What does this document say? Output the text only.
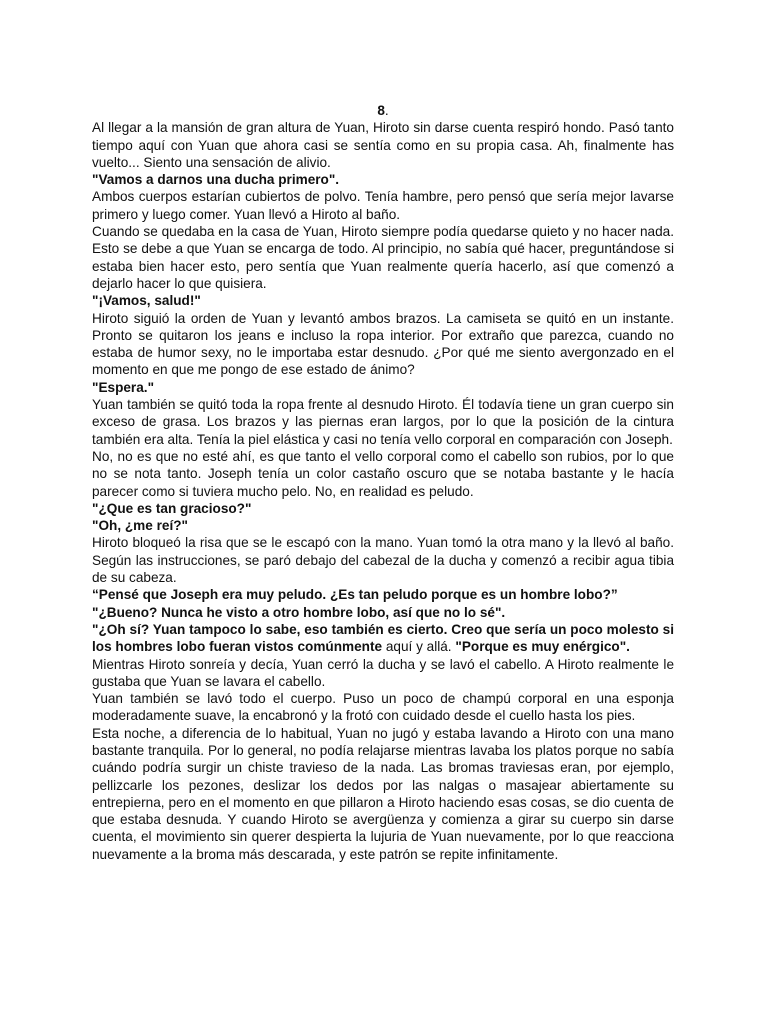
8.

Al llegar a la mansión de gran altura de Yuan, Hiroto sin darse cuenta respiró hondo. Pasó tanto tiempo aquí con Yuan que ahora casi se sentía como en su propia casa. Ah, finalmente has vuelto... Siento una sensación de alivio.

"Vamos a darnos una ducha primero".

Ambos cuerpos estarían cubiertos de polvo. Tenía hambre, pero pensó que sería mejor lavarse primero y luego comer. Yuan llevó a Hiroto al baño.

Cuando se quedaba en la casa de Yuan, Hiroto siempre podía quedarse quieto y no hacer nada. Esto se debe a que Yuan se encarga de todo. Al principio, no sabía qué hacer, preguntándose si estaba bien hacer esto, pero sentía que Yuan realmente quería hacerlo, así que comenzó a dejarlo hacer lo que quisiera.

"¡Vamos, salud!"

Hiroto siguió la orden de Yuan y levantó ambos brazos. La camiseta se quitó en un instante. Pronto se quitaron los jeans e incluso la ropa interior. Por extraño que parezca, cuando no estaba de humor sexy, no le importaba estar desnudo. ¿Por qué me siento avergonzado en el momento en que me pongo de ese estado de ánimo?

"Espera."

Yuan también se quitó toda la ropa frente al desnudo Hiroto. Él todavía tiene un gran cuerpo sin exceso de grasa. Los brazos y las piernas eran largos, por lo que la posición de la cintura también era alta. Tenía la piel elástica y casi no tenía vello corporal en comparación con Joseph.

No, no es que no esté ahí, es que tanto el vello corporal como el cabello son rubios, por lo que no se nota tanto. Joseph tenía un color castaño oscuro que se notaba bastante y le hacía parecer como si tuviera mucho pelo. No, en realidad es peludo.

"¿Que es tan gracioso?"

"Oh, ¿me reí?"

Hiroto bloqueó la risa que se le escapó con la mano. Yuan tomó la otra mano y la llevó al baño. Según las instrucciones, se paró debajo del cabezal de la ducha y comenzó a recibir agua tibia de su cabeza.

“Pensé que Joseph era muy peludo. ¿Es tan peludo porque es un hombre lobo?”

"¿Bueno? Nunca he visto a otro hombre lobo, así que no lo sé".

"¿Oh sí? Yuan tampoco lo sabe, eso también es cierto. Creo que sería un poco molesto si los hombres lobo fueran vistos comúnmente aquí y allá. "Porque es muy enérgico".

Mientras Hiroto sonreía y decía, Yuan cerró la ducha y se lavó el cabello. A Hiroto realmente le gustaba que Yuan se lavara el cabello.

Yuan también se lavó todo el cuerpo. Puso un poco de champú corporal en una esponja moderadamente suave, la encabronó y la frotó con cuidado desde el cuello hasta los pies.

Esta noche, a diferencia de lo habitual, Yuan no jugó y estaba lavando a Hiroto con una mano bastante tranquila. Por lo general, no podía relajarse mientras lavaba los platos porque no sabía cuándo podría surgir un chiste travieso de la nada. Las bromas traviesas eran, por ejemplo, pellizcarle los pezones, deslizar los dedos por las nalgas o masajear abiertamente su entrepierna, pero en el momento en que pillaron a Hiroto haciendo esas cosas, se dio cuenta de que estaba desnuda. Y cuando Hiroto se avergüenza y comienza a girar su cuerpo sin darse cuenta, el movimiento sin querer despierta la lujuria de Yuan nuevamente, por lo que reacciona nuevamente a la broma más descarada, y este patrón se repite infinitamente.
